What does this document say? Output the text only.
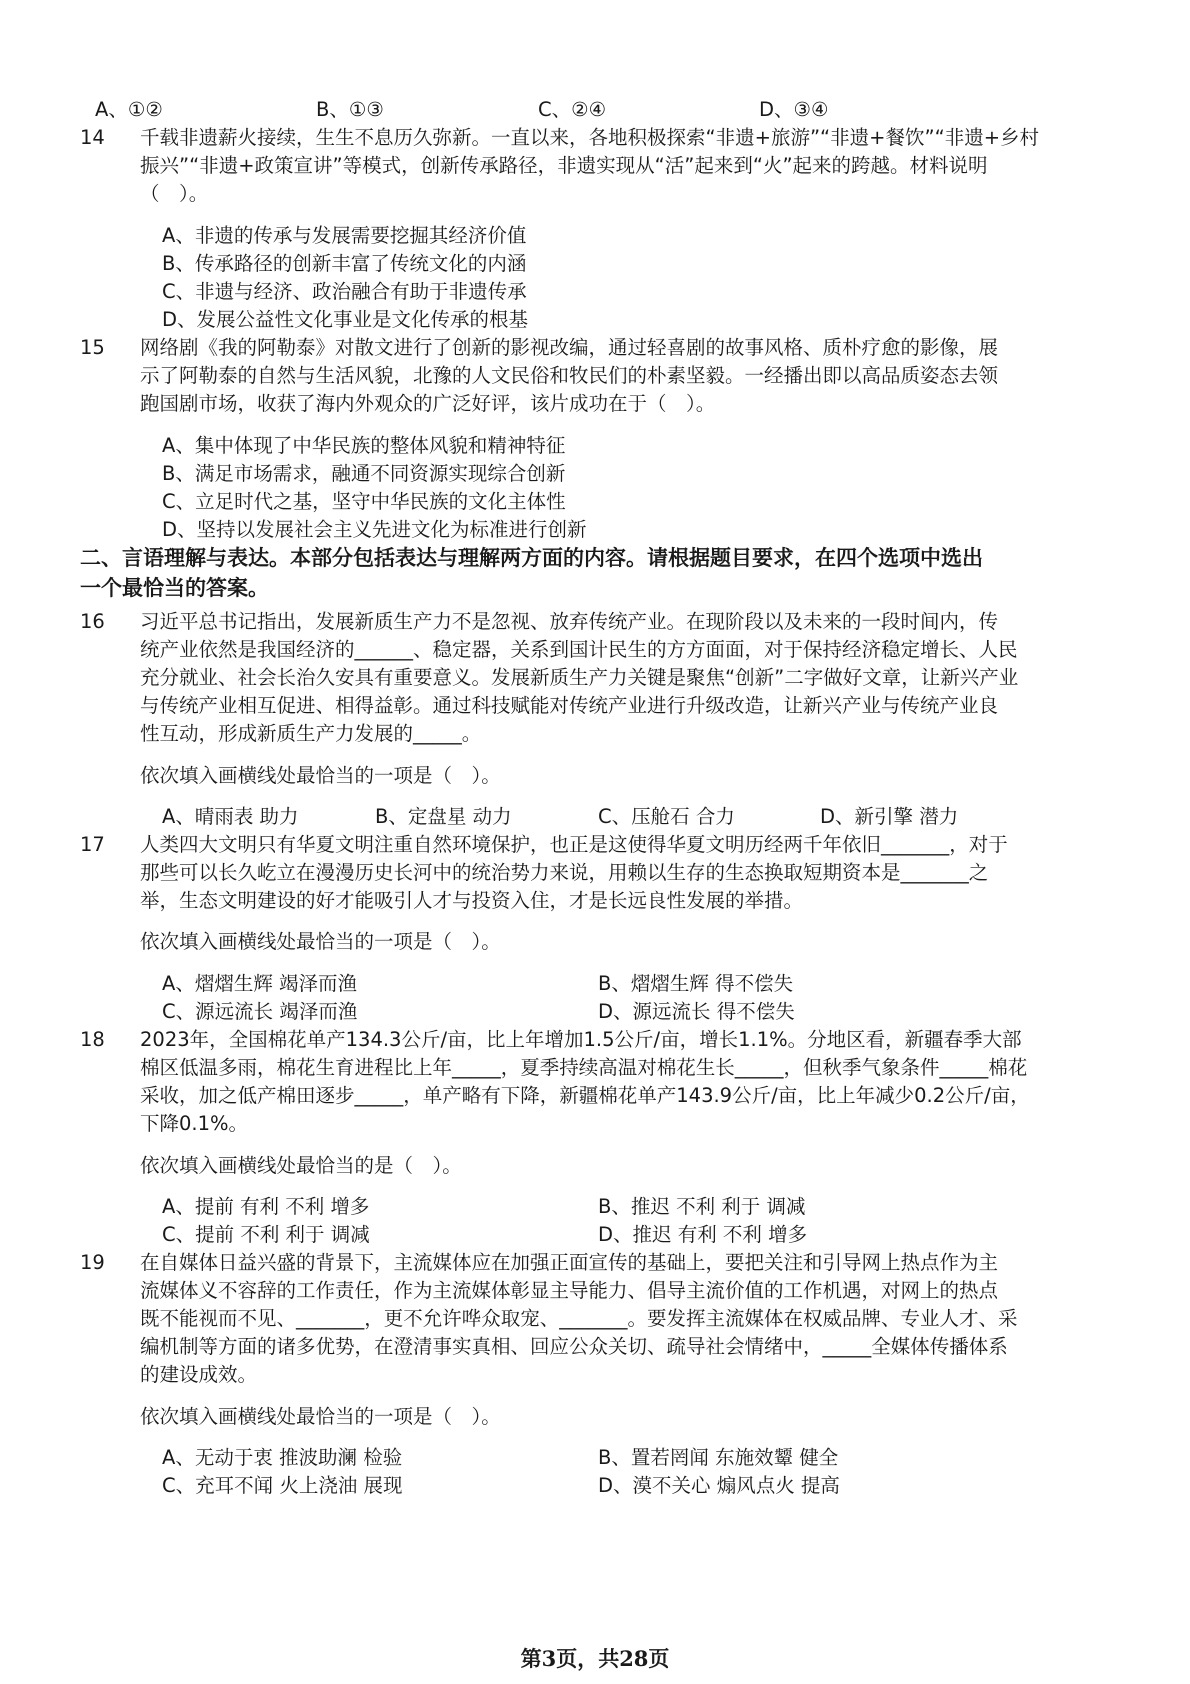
A、①②	B、①③	C、②④	D、③④
14 千载非遗薪火接续，生生不息历久弥新。一直以来，各地积极探索“非遗+旅游”“非遗+餐饮”“非遗+乡村
振兴”“非遗+政策宣讲”等模式，创新传承路径，非遗实现从“活”起来到“火”起来的跨越。材料说明
（　）。
A、非遗的传承与发展需要挖掘其经济价值
B、传承路径的创新丰富了传统文化的内涵
C、非遗与经济、政治融合有助于非遗传承
D、发展公益性文化事业是文化传承的根基
15 网络剧《我的阿勒泰》对散文进行了创新的影视改编，通过轻喜剧的故事风格、质朴疗愈的影像，展
示了阿勒泰的自然与生活风貌，北豫的人文民俗和牧民们的朴素坚毅。一经播出即以高品质姿态去领
跑国剧市场，收获了海内外观众的广泛好评，该片成功在于（　）。
A、集中体现了中华民族的整体风貌和精神特征
B、满足市场需求，融通不同资源实现综合创新
C、立足时代之基，坚守中华民族的文化主体性
D、坚持以发展社会主义先进文化为标准进行创新
二、言语理解与表达。本部分包括表达与理解两方面的内容。请根据题目要求，在四个选项中选出
一个最恰当的答案。
16 习近平总书记指出，发展新质生产力不是忽视、放弃传统产业。在现阶段以及未来的一段时间内，传
统产业依然是我国经济的______、稳定器，关系到国计民生的方方面面，对于保持经济稳定增长、人民
充分就业、社会长治久安具有重要意义。发展新质生产力关键是聚焦“创新”二字做好文章，让新兴产业
与传统产业相互促进、相得益彰。通过科技赋能对传统产业进行升级改造，让新兴产业与传统产业良
性互动，形成新质生产力发展的_____。
依次填入画横线处最恰当的一项是（　）。
A、晴雨表 助力	B、定盘星 动力	C、压舱石 合力	D、新引擎 潜力
17 人类四大文明只有华夏文明注重自然环境保护，也正是这使得华夏文明历经两千年依旧_______，对于
那些可以长久屹立在漫漫历史长河中的统治势力来说，用赖以生存的生态换取短期资本是_______之
举，生态文明建设的好才能吸引人才与投资入住，才是长远良性发展的举措。
依次填入画横线处最恰当的一项是（　）。
A、熠熠生辉 竭泽而渔	B、熠熠生辉 得不偿失
C、源远流长 竭泽而渔	D、源远流长 得不偿失
18 2023年，全国棉花单产134.3公斤/亩，比上年增加1.5公斤/亩，增长1.1%。分地区看，新疆春季大部
棉区低温多雨，棉花生育进程比上年_____，夏季持续高温对棉花生长_____，但秋季气象条件_____棉花
采收，加之低产棉田逐步_____，单产略有下降，新疆棉花单产143.9公斤/亩，比上年减少0.2公斤/亩，
下降0.1%。
依次填入画横线处最恰当的是（　）。
A、提前 有利 不利 增多	B、推迟 不利 利于 调减
C、提前 不利 利于 调减	D、推迟 有利 不利 增多
19 在自媒体日益兴盛的背景下，主流媒体应在加强正面宣传的基础上，要把关注和引导网上热点作为主
流媒体义不容辞的工作责任，作为主流媒体彰显主导能力、倡导主流价值的工作机遇，对网上的热点
既不能视而不见、_______，更不允许哗众取宠、_______。要发挥主流媒体在权威品牌、专业人才、采
编机制等方面的诸多优势，在澄清事实真相、回应公众关切、疏导社会情绪中，_____全媒体传播体系
的建设成效。
依次填入画横线处最恰当的一项是（　）。
A、无动于衷 推波助澜 检验	B、置若罔闻 东施效颦 健全
C、充耳不闻 火上浇油 展现	D、漠不关心 煽风点火 提高
第3页，共28页
